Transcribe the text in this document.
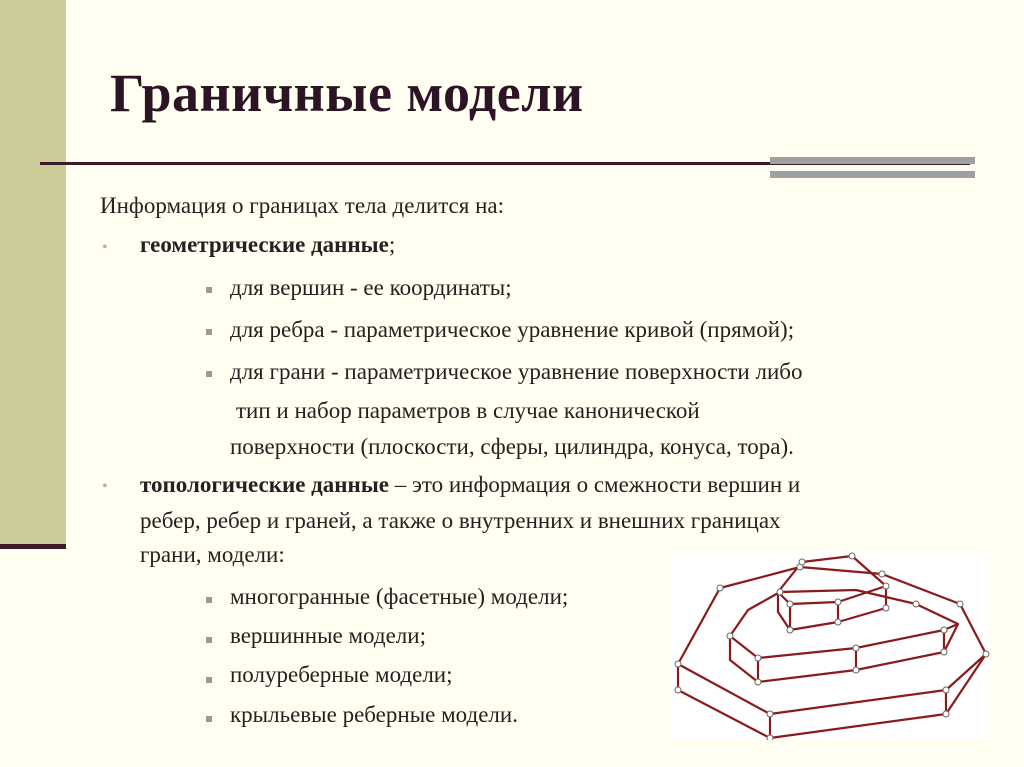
Граничные модели
Информация о границах тела делится на:
• геометрические данные;
для вершин - ее координаты;
для ребра - параметрическое уравнение кривой (прямой);
для грани - параметрическое уравнение поверхности либо
тип и набор параметров в случае канонической
поверхности (плоскости, сферы, цилиндра, конуса, тора).
• топологические данные – это информация о смежности вершин и
ребер, ребер и граней, а также о внутренних и внешних границах
грани, модели:
многогранные (фасетные) модели;
вершинные модели;
полуреберные модели;
крыльевые реберные модели.
